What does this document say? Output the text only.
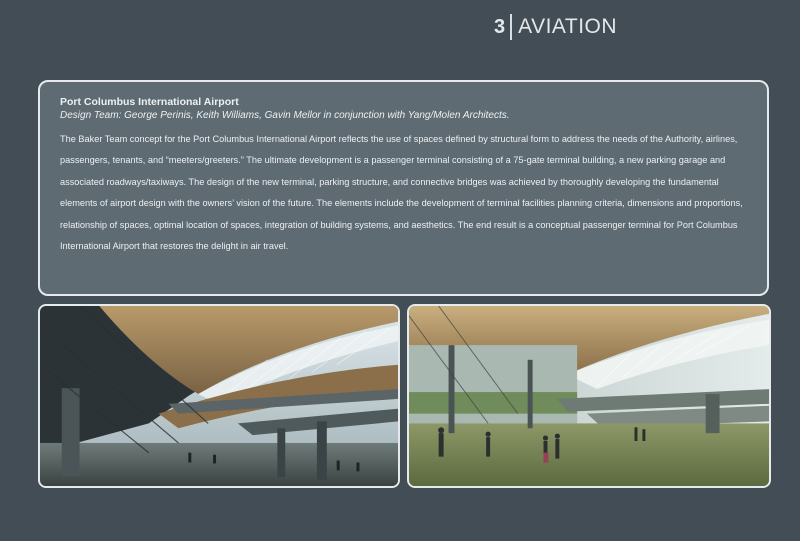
3 AVIATION
Port Columbus International Airport
Design Team: George Perinis, Keith Williams, Gavin Mellor in conjunction with Yang/Molen Architects.

The Baker Team concept for the Port Columbus International Airport reflects the use of spaces defined by structural form to address the needs of the Authority, airlines, passengers, tenants, and “meeters/greeters.” The ultimate development is a passenger terminal consisting of a 75-gate terminal building, a new parking garage and associated roadways/taxiways. The design of the new terminal, parking structure, and connective bridges was achieved by thoroughly developing the fundamental elements of airport design with the owners’ vision of the future. The elements include the development of terminal facilities planning criteria, dimensions and proportions, relationship of spaces, optimal location of spaces, integration of building systems, and aesthetics. The end result is a conceptual passenger terminal for Port Columbus International Airport that restores the delight in air travel.
